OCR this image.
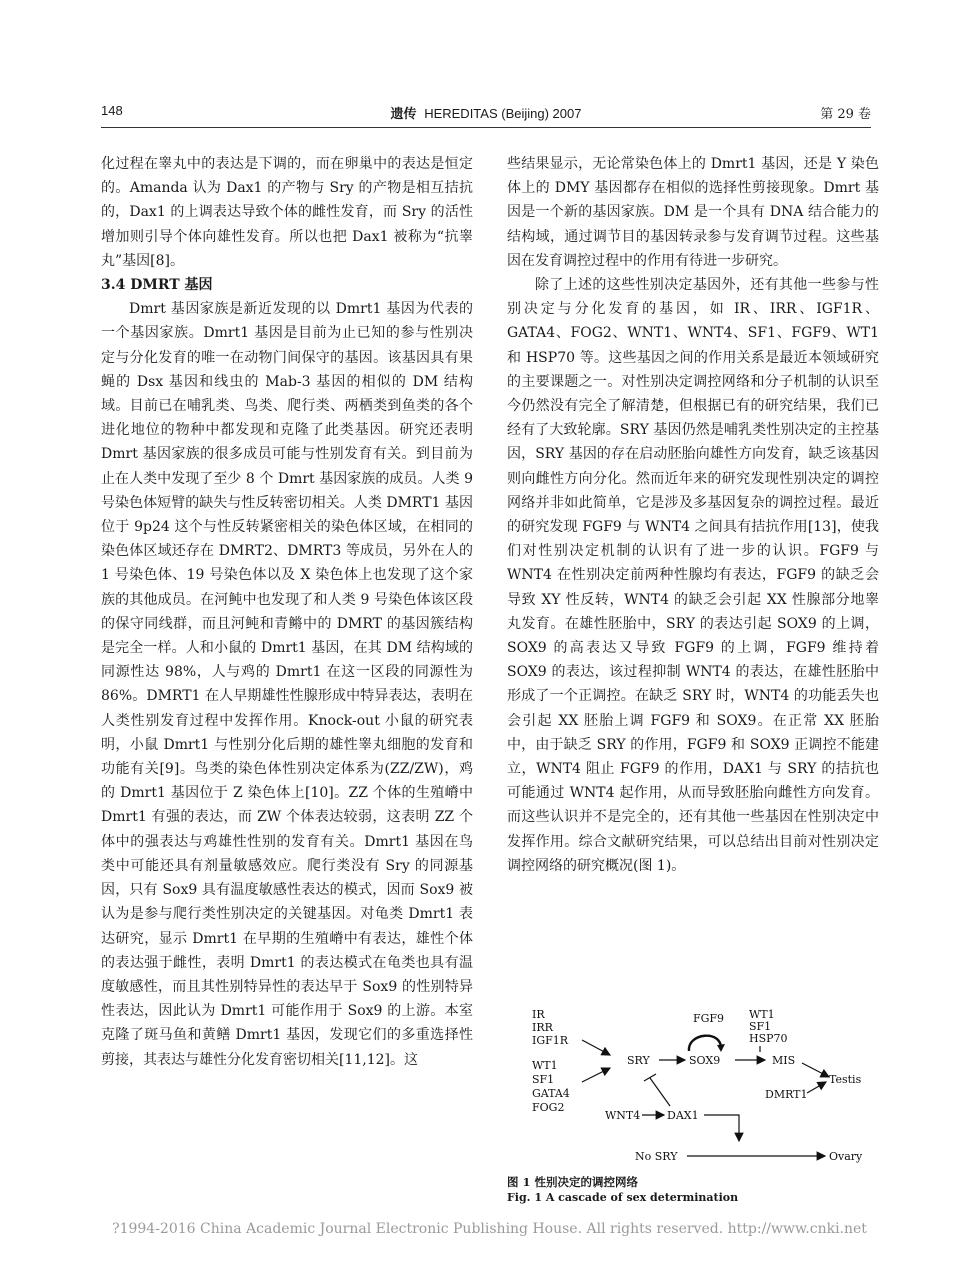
148	遗传 HEREDITAS (Beijing) 2007	第 29 卷

化过程在睾丸中的表达是下调的，而在卵巢中的表达是恒定的。Amanda 认为 Dax1 的产物与 Sry 的产物是相互拮抗的，Dax1 的上调表达导致个体的雌性发育，而 Sry 的活性增加则引导个体向雄性发育。所以也把 Dax1 被称为“抗睾丸”基因[8]。

3.4 DMRT 基因

Dmrt 基因家族是新近发现的以 Dmrt1 基因为代表的一个基因家族。Dmrt1 基因是目前为止已知的参与性别决定与分化发育的唯一在动物门间保守的基因。该基因具有果蝇的 Dsx 基因和线虫的 Mab-3 基因的相似的 DM 结构域。目前已在哺乳类、鸟类、爬行类、两栖类到鱼类的各个进化地位的物种中都发现和克隆了此类基因。研究还表明 Dmrt 基因家族的很多成员可能与性别发育有关。到目前为止在人类中发现了至少 8 个 Dmrt 基因家族的成员。人类 9 号染色体短臂的缺失与性反转密切相关。人类 DMRT1 基因位于 9p24 这个与性反转紧密相关的染色体区域，在相同的染色体区域还存在 DMRT2、DMRT3 等成员，另外在人的 1 号染色体、19 号染色体以及 X 染色体上也发现了这个家族的其他成员。在河鲀中也发现了和人类 9 号染色体该区段的保守同线群，而且河鲀和青鳉中的 DMRT 的基因簇结构是完全一样。人和小鼠的 Dmrt1 基因，在其 DM 结构域的同源性达 98%，人与鸡的 Dmrt1 在这一区段的同源性为 86%。DMRT1 在人早期雄性性腺形成中特异表达，表明在人类性别发育过程中发挥作用。Knock-out 小鼠的研究表明，小鼠 Dmrt1 与性别分化后期的雄性睾丸细胞的发育和功能有关[9]。鸟类的染色体性别决定体系为(ZZ/ZW)，鸡的 Dmrt1 基因位于 Z 染色体上[10]。ZZ 个体的生殖嵴中 Dmrt1 有强的表达，而 ZW 个体表达较弱，这表明 ZZ 个体中的强表达与鸡雄性性别的发育有关。Dmrt1 基因在鸟类中可能还具有剂量敏感效应。爬行类没有 Sry 的同源基因，只有 Sox9 具有温度敏感性表达的模式，因而 Sox9 被认为是参与爬行类性别决定的关键基因。对龟类 Dmrt1 表达研究，显示 Dmrt1 在早期的生殖嵴中有表达，雄性个体的表达强于雌性，表明 Dmrt1 的表达模式在龟类也具有温度敏感性，而且其性别特异性的表达早于 Sox9 的性别特异性表达，因此认为 Dmrt1 可能作用于 Sox9 的上游。本室克隆了斑马鱼和黄鳝 Dmrt1 基因，发现它们的多重选择性剪接，其表达与雄性分化发育密切相关[11,12]。这

些结果显示，无论常染色体上的 Dmrt1 基因，还是 Y 染色体上的 DMY 基因都存在相似的选择性剪接现象。Dmrt 基因是一个新的基因家族。DM 是一个具有 DNA 结合能力的结构域，通过调节目的基因转录参与发育调节过程。这些基因在发育调控过程中的作用有待进一步研究。

除了上述的这些性别决定基因外，还有其他一些参与性别决定与分化发育的基因，如 IR、IRR、IGF1R、GATA4、FOG2、WNT1、WNT4、SF1、FGF9、WT1 和 HSP70 等。这些基因之间的作用关系是最近本领域研究的主要课题之一。对性别决定调控网络和分子机制的认识至今仍然没有完全了解清楚，但根据已有的研究结果，我们已经有了大致轮廓。SRY 基因仍然是哺乳类性别决定的主控基因，SRY 基因的存在启动胚胎向雄性方向发育，缺乏该基因则向雌性方向分化。然而近年来的研究发现性别决定的调控网络并非如此简单，它是涉及多基因复杂的调控过程。最近的研究发现 FGF9 与 WNT4 之间具有拮抗作用[13]，使我们对性别决定机制的认识有了进一步的认识。FGF9 与 WNT4 在性别决定前两种性腺均有表达，FGF9 的缺乏会导致 XY 性反转，WNT4 的缺乏会引起 XX 性腺部分地睾丸发育。在雄性胚胎中，SRY 的表达引起 SOX9 的上调，SOX9 的高表达又导致 FGF9 的上调，FGF9 维持着 SOX9 的表达，该过程抑制 WNT4 的表达，在雄性胚胎中形成了一个正调控。在缺乏 SRY 时，WNT4 的功能丢失也会引起 XX 胚胎上调 FGF9 和 SOX9。在正常 XX 胚胎中，由于缺乏 SRY 的作用，FGF9 和 SOX9 正调控不能建立，WNT4 阻止 FGF9 的作用，DAX1 与 SRY 的拮抗也可能通过 WNT4 起作用，从而导致胚胎向雌性方向发育。而这些认识并不是完全的，还有其他一些基因在性别决定中发挥作用。综合文献研究结果，可以总结出目前对性别决定调控网络的研究概况(图 1)。

IR
IRR
IGF1R
WT1
SF1
GATA4
FOG2
SRY
FGF9
SOX9
WT1
SF1
HSP70
MIS
Testis
DMRT1
WNT4 DAX1
No SRY	Ovary
图 1 性别决定的调控网络
Fig. 1 A cascade of sex determination
?1994-2016 China Academic Journal Electronic Publishing House. All rights reserved. http://www.cnki.net
